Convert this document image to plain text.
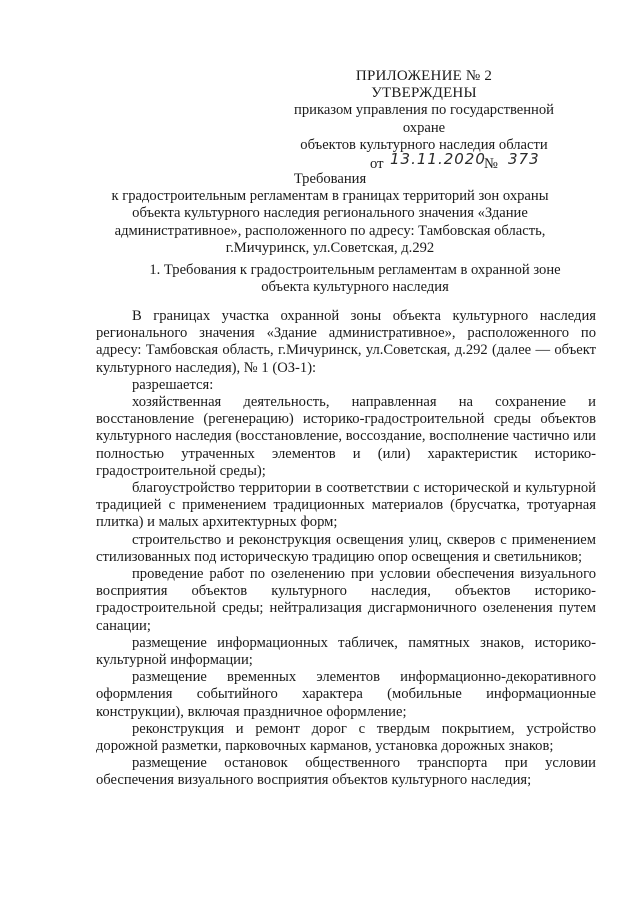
ПРИЛОЖЕНИЕ № 2
УТВЕРЖДЕНЫ
приказом управления по государственной охране
объектов культурного наследия области
от 13.11.2020
№ 373
Требования
к градостроительным регламентам в границах территорий зон охраны
объекта культурного наследия регионального значения «Здание
административное», расположенного по адресу: Тамбовская область,
г.Мичуринск, ул.Советская, д.292
1. Требования к градостроительным регламентам в охранной зоне
объекта культурного наследия

В границах участка охранной зоны объекта культурного наследия регионального значения «Здание административное», расположенного по адресу: Тамбовская область, г.Мичуринск, ул.Советская, д.292 (далее — объект культурного наследия), № 1 (ОЗ-1):

разрешается:

хозяйственная деятельность, направленная на сохранение и восстановление (регенерацию) историко-градостроительной среды объектов культурного наследия (восстановление, воссоздание, восполнение частично или полностью утраченных элементов и (или) характеристик историко-градостроительной среды);

благоустройство территории в соответствии с исторической и культурной традицией с применением традиционных материалов (брусчатка, тротуарная плитка) и малых архитектурных форм;

строительство и реконструкция освещения улиц, скверов с применением стилизованных под историческую традицию опор освещения и светильников;

проведение работ по озеленению при условии обеспечения визуального восприятия объектов культурного наследия, объектов историко-градостроительной среды; нейтрализация дисгармоничного озеленения путем санации;

размещение информационных табличек, памятных знаков, историко-культурной информации;

размещение временных элементов информационно-декоративного оформления событийного характера (мобильные информационные конструкции), включая праздничное оформление;

реконструкция и ремонт дорог с твердым покрытием, устройство дорожной разметки, парковочных карманов, установка дорожных знаков;

размещение остановок общественного транспорта при условии обеспечения визуального восприятия объектов культурного наследия;
